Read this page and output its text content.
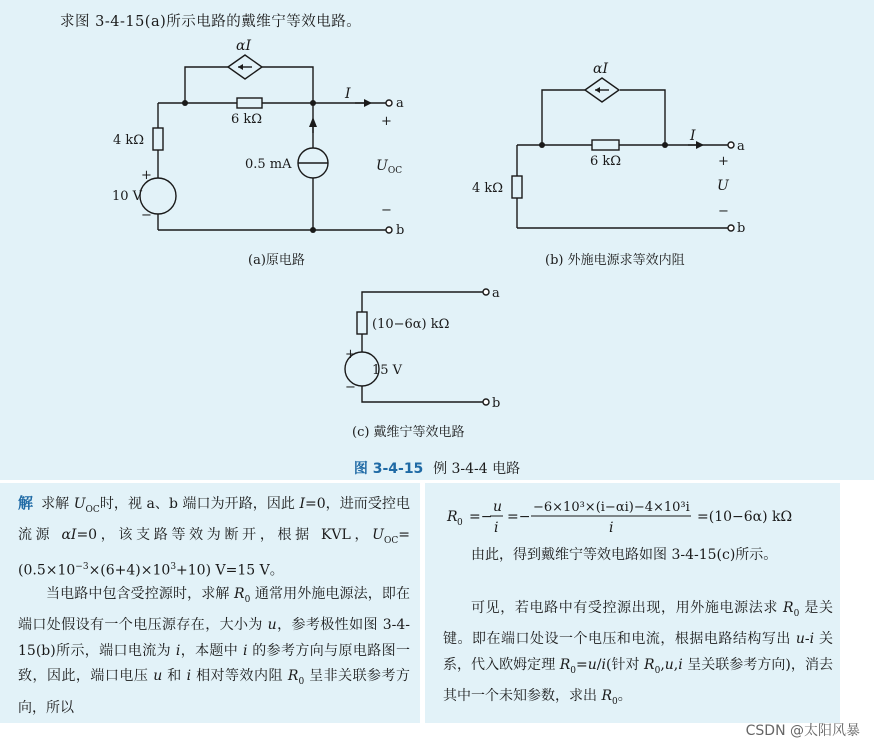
求图 3-4-15(a)所示电路的戴维宁等效电路。
αI
6 kΩ
4 kΩ
0.5 mA
10 V
+
−
I
a
b
+
−
$U_{OC}$
(a)原电路
αI
6 kΩ
4 kΩ
I
a
b
+
−
U
(b) 外施电源求等效内阻
(10−6α) kΩ
15 V
+
−
a
b
(c) 戴维宁等效电路
图 3-4-15 例 3-4-4 电路
解 求解 $U_{OC}$时，视 a、b 端口为开路，因此 I=0，进而受控电流源 αI=0，该支路等效为断开，根据 KVL，$U_{OC}=(0.5\times 10^{-3}\times(6+4)\times 10^3+10)$ V=15 V。
当电路中包含受控源时，求解 $R_0$ 通常用外施电源法，即在端口处假设有一个电压源存在，大小为 u，参考极性如图 3-4-15(b)所示，端口电流为 i，本题中 i 的参考方向与原电路图一致，因此，端口电压 u 和 i 相对等效内阻 $R_0$ 呈非关联参考方向，所以
R 0 =−
u
i
=−
−6×10³×(i−αi)−4×10³i
i
=(10−6α) kΩ
由此，得到戴维宁等效电路如图 3-4-15(c)所示。
可见，若电路中有受控源出现，用外施电源法求 $R_0$ 是关键。即在端口处设一个电压和电流，根据电路结构写出 u-i 关系，代入欧姆定理 $R_0=u/i$(针对 $R_0,u,i$ 呈关联参考方向)，消去其中一个未知参数，求出 $R_0$。
CSDN @太阳风暴
